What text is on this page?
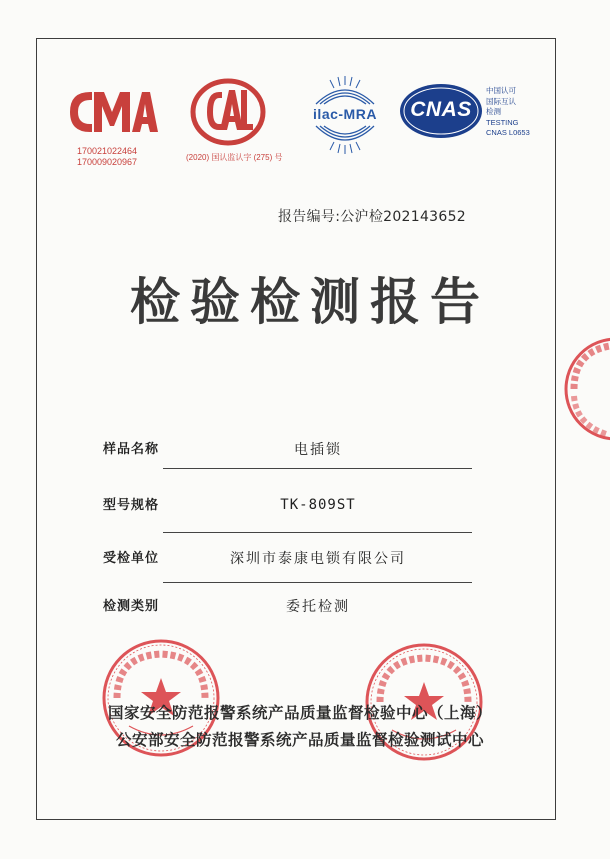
170021022464
170009020967	(2020) 国认监认字 (275) 号
ilac-MRA	CNAS
中国认可
国际互认
检测
TESTING
CNAS L0653
报告编号:公沪检202143652
检验检测报告
样品名称	电插锁
型号规格	TK-809ST
受检单位	深圳市泰康电锁有限公司
检测类别	委托检测
国家安全防范报警系统产品质量监督检验中心（上海）
公安部安全防范报警系统产品质量监督检验测试中心
